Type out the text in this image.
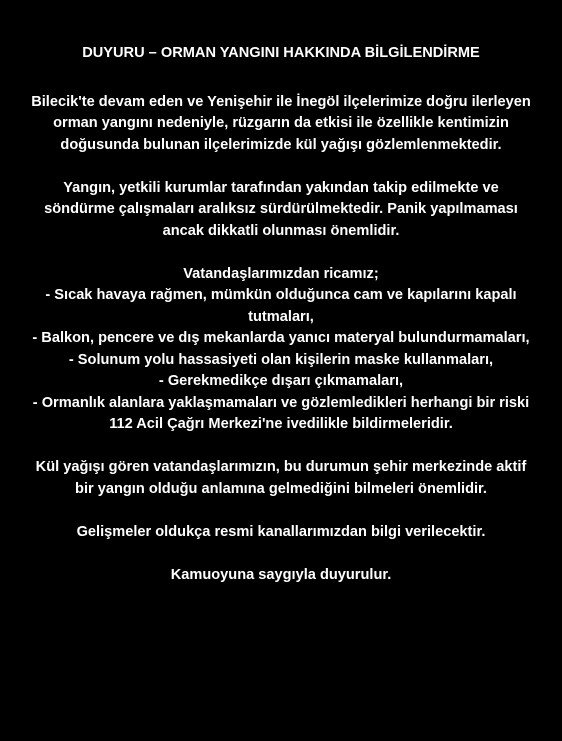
DUYURU – ORMAN YANGINI HAKKINDA BİLGİLENDİRME
Bilecik'te devam eden ve Yenişehir ile İnegöl ilçelerimize doğru ilerleyen orman yangını nedeniyle, rüzgarın da etkisi ile özellikle kentimizin doğusunda bulunan ilçelerimizde kül yağışı gözlemlenmektedir.
Yangın, yetkili kurumlar tarafından yakından takip edilmekte ve söndürme çalışmaları aralıksız sürdürülmektedir. Panik yapılmaması ancak dikkatli olunması önemlidir.
Vatandaşlarımızdan ricamız;
- Sıcak havaya rağmen, mümkün olduğunca cam ve kapılarını kapalı tutmaları,
- Balkon, pencere ve dış mekanlarda yanıcı materyal bulundurmamaları,
- Solunum yolu hassasiyeti olan kişilerin maske kullanmaları,
- Gerekmedikçe dışarı çıkmamaları,
- Ormanlık alanlara yaklaşmamaları ve gözlemledikleri herhangi bir riski 112 Acil Çağrı Merkezi'ne ivedilikle bildirmeleridir.
Kül yağışı gören vatandaşlarımızın, bu durumun şehir merkezinde aktif bir yangın olduğu anlamına gelmediğini bilmeleri önemlidir.
Gelişmeler oldukça resmi kanallarımızdan bilgi verilecektir.
Kamuoyuna saygıyla duyurulur.
